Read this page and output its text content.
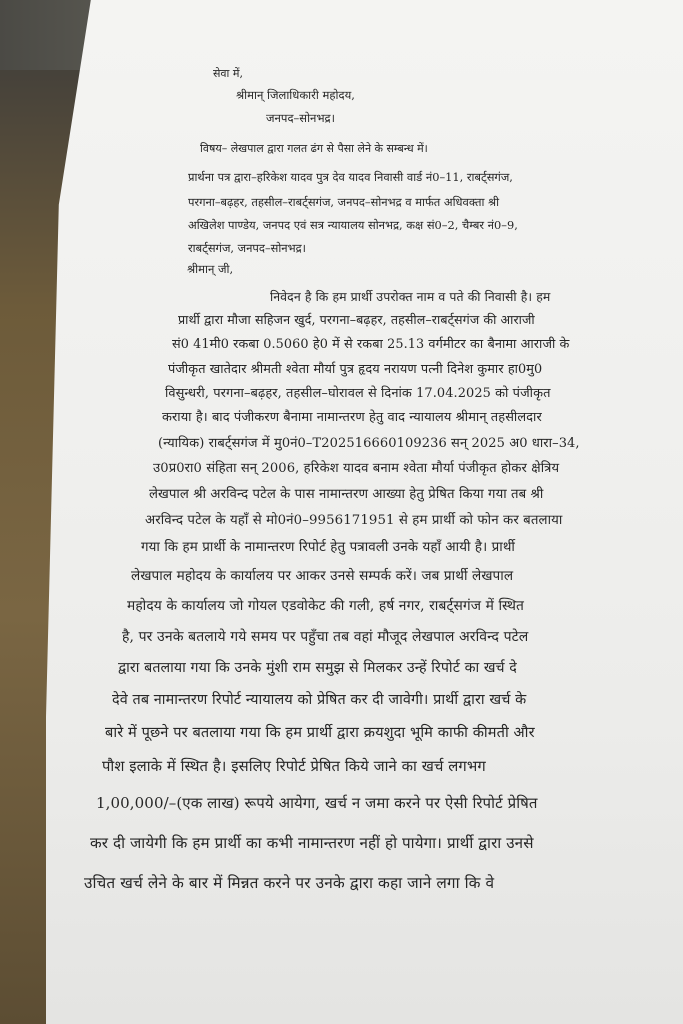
सेवा में,
श्रीमान् जिलाधिकारी महोदय,
जनपद–सोनभद्र।
विषय– लेखपाल द्वारा गलत ढंग से पैसा लेने के सम्बन्ध में।
प्रार्थना पत्र द्वारा–हरिकेश यादव पुत्र देव यादव निवासी वार्ड नं0–11, राबर्ट्सगंज,
परगना–बढ़हर, तहसील–राबर्ट्सगंज, जनपद–सोनभद्र व मार्फत अधिवक्ता श्री
अखिलेश पाण्डेय, जनपद एवं सत्र न्यायालय सोनभद्र, कक्ष सं0–2, चैम्बर नं0–9,
राबर्ट्सगंज, जनपद–सोनभद्र।
श्रीमान् जी,
निवेदन है कि हम प्रार्थी उपरोक्त नाम व पते की निवासी है। हम
प्रार्थी द्वारा मौजा सहिजन खुर्द, परगना–बढ़हर, तहसील–राबर्ट्सगंज की आराजी
सं0 41मी0 रकबा 0.5060 हे0 में से रकबा 25.13 वर्गमीटर का बैनामा आराजी के
पंजीकृत खातेदार श्रीमती श्वेता मौर्या पुत्र हृदय नरायण पत्नी दिनेश कुमार हा0मु0
विसुन्धरी, परगना–बढ़हर, तहसील–घोरावल से दिनांक 17.04.2025 को पंजीकृत
कराया है। बाद पंजीकरण बैनामा नामान्तरण हेतु वाद न्यायालय श्रीमान् तहसीलदार
(न्यायिक) राबर्ट्सगंज में मु0नं0–T202516660109236 सन् 2025 अ0 धारा–34,
उ0प्र0रा0 संहिता सन् 2006, हरिकेश यादव बनाम श्वेता मौर्या पंजीकृत होकर क्षेत्रिय
लेखपाल श्री अरविन्द पटेल के पास नामान्तरण आख्या हेतु प्रेषित किया गया तब श्री
अरविन्द पटेल के यहाँ से मो0नं0–9956171951 से हम प्रार्थी को फोन कर बतलाया
गया कि हम प्रार्थी के नामान्तरण रिपोर्ट हेतु पत्रावली उनके यहाँ आयी है। प्रार्थी
लेखपाल महोदय के कार्यालय पर आकर उनसे सम्पर्क करें। जब प्रार्थी लेखपाल
महोदय के कार्यालय जो गोयल एडवोकेट की गली, हर्ष नगर, राबर्ट्सगंज में स्थित
है, पर उनके बतलाये गये समय पर पहुँचा तब वहां मौजूद लेखपाल अरविन्द पटेल
द्वारा बतलाया गया कि उनके मुंशी राम समुझ से मिलकर उन्हें रिपोर्ट का खर्च दे
देवे तब नामान्तरण रिपोर्ट न्यायालय को प्रेषित कर दी जावेगी। प्रार्थी द्वारा खर्च के
बारे में पूछने पर बतलाया गया कि हम प्रार्थी द्वारा क्रयशुदा भूमि काफी कीमती और
पौश इलाके में स्थित है। इसलिए रिपोर्ट प्रेषित किये जाने का खर्च लगभग
1,00,000/–(एक लाख) रूपये आयेगा, खर्च न जमा करने पर ऐसी रिपोर्ट प्रेषित
कर दी जायेगी कि हम प्रार्थी का कभी नामान्तरण नहीं हो पायेगा। प्रार्थी द्वारा उनसे
उचित खर्च लेने के बार में मिन्नत करने पर उनके द्वारा कहा जाने लगा कि वे
